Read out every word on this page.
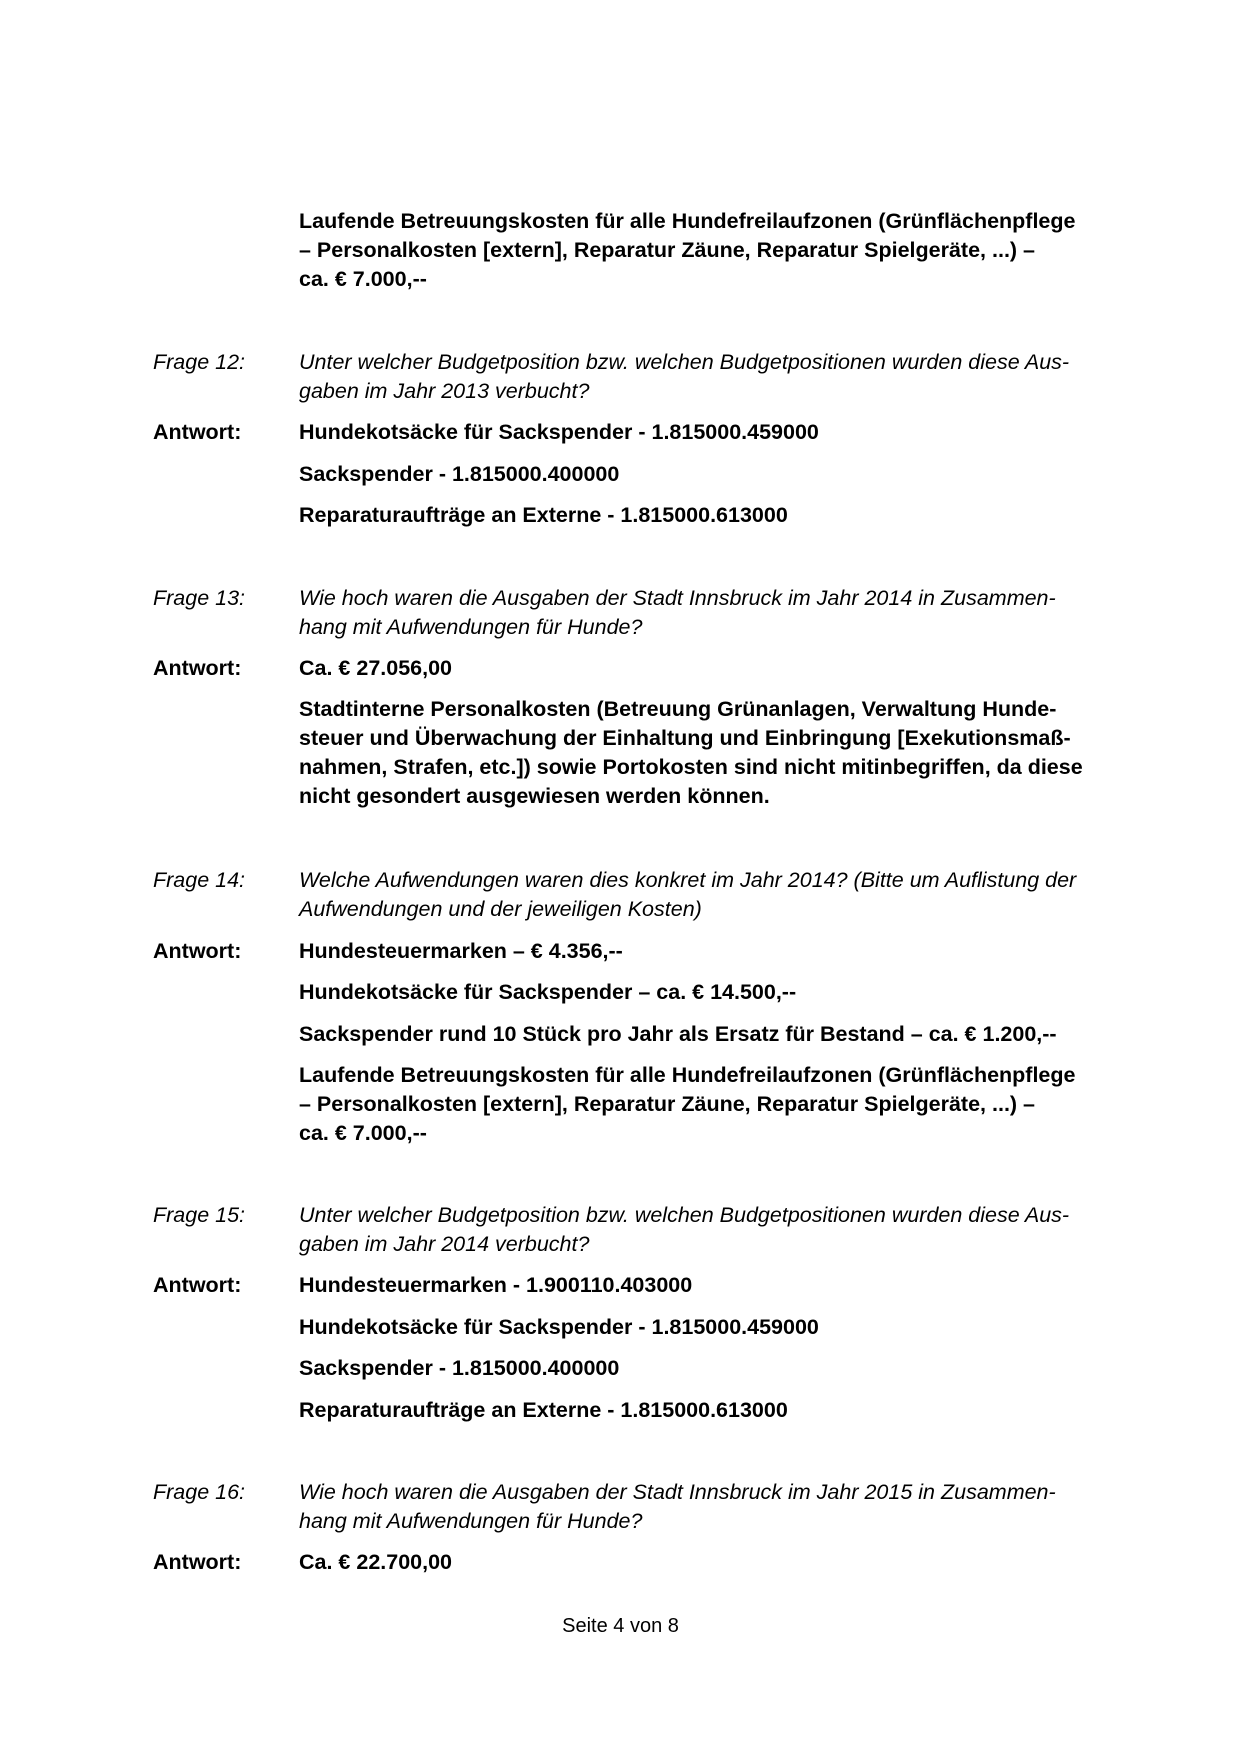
Laufende Betreuungskosten für alle Hundefreilaufzonen (Grünflächenpflege
– Personalkosten [extern], Reparatur Zäune, Reparatur Spielgeräte, ...) –
ca. € 7.000,--
Frage 12:	Unter welcher Budgetposition bzw. welchen Budgetpositionen wurden diese Aus-
gaben im Jahr 2013 verbucht?
Antwort:	Hundekotsäcke für Sackspender - 1.815000.459000
Sackspender - 1.815000.400000
Reparaturaufträge an Externe - 1.815000.613000
Frage 13:	Wie hoch waren die Ausgaben der Stadt Innsbruck im Jahr 2014 in Zusammen-
hang mit Aufwendungen für Hunde?
Antwort:	Ca. € 27.056,00
Stadtinterne Personalkosten (Betreuung Grünanlagen, Verwaltung Hunde-
steuer und Überwachung der Einhaltung und Einbringung [Exekutionsmaß-
nahmen, Strafen, etc.]) sowie Portokosten sind nicht mitinbegriffen, da diese
nicht gesondert ausgewiesen werden können.
Frage 14:	Welche Aufwendungen waren dies konkret im Jahr 2014? (Bitte um Auflistung der
Aufwendungen und der jeweiligen Kosten)
Antwort:	Hundesteuermarken – € 4.356,--
Hundekotsäcke für Sackspender – ca. € 14.500,--
Sackspender rund 10 Stück pro Jahr als Ersatz für Bestand – ca. € 1.200,--
Laufende Betreuungskosten für alle Hundefreilaufzonen (Grünflächenpflege
– Personalkosten [extern], Reparatur Zäune, Reparatur Spielgeräte, ...) –
ca. € 7.000,--
Frage 15:	Unter welcher Budgetposition bzw. welchen Budgetpositionen wurden diese Aus-
gaben im Jahr 2014 verbucht?
Antwort:	Hundesteuermarken - 1.900110.403000
Hundekotsäcke für Sackspender - 1.815000.459000
Sackspender - 1.815000.400000
Reparaturaufträge an Externe - 1.815000.613000
Frage 16:	Wie hoch waren die Ausgaben der Stadt Innsbruck im Jahr 2015 in Zusammen-
hang mit Aufwendungen für Hunde?
Antwort:	Ca. € 22.700,00
Seite 4 von 8
